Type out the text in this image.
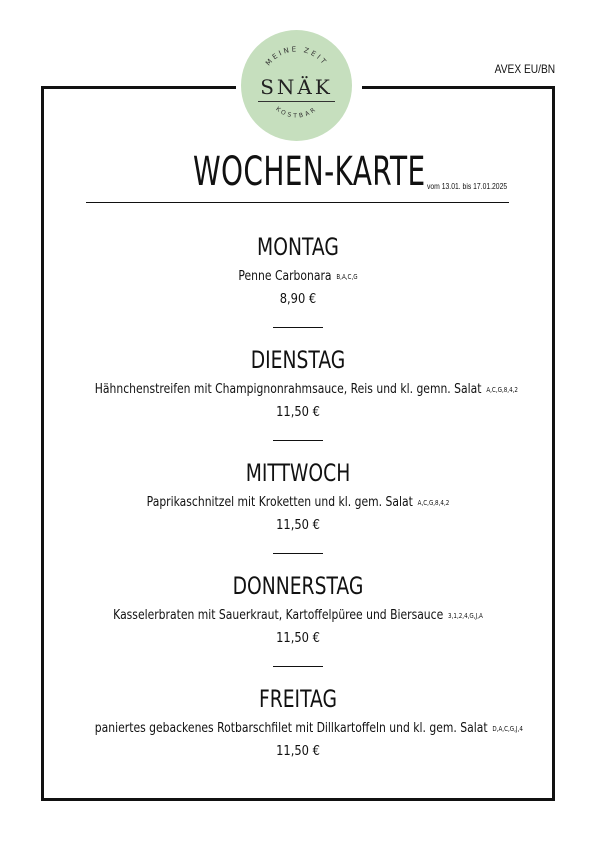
MEINE ZEIT
KOSTBAR
SNÄK
AVEX EU/BN
WOCHEN-KARTE vom 13.01. bis 17.01.2025
MONTAG
Penne Carbonara B,A,C,G
8,90 €
DIENSTAG
Hähnchenstreifen mit Champignonrahmsauce, Reis und kl. gemn. Salat A,C,G,8,4,2
11,50 €
MITTWOCH
Paprikaschnitzel mit Kroketten und kl. gem. Salat A,C,G,8,4,2
11,50 €
DONNERSTAG
Kasselerbraten mit Sauerkraut, Kartoffelpüree und Biersauce 3,1,2,4,G,J,A
11,50 €
FREITAG
paniertes gebackenes Rotbarschfilet mit Dillkartoffeln und kl. gem. Salat D,A,C,G,J,4
11,50 €
